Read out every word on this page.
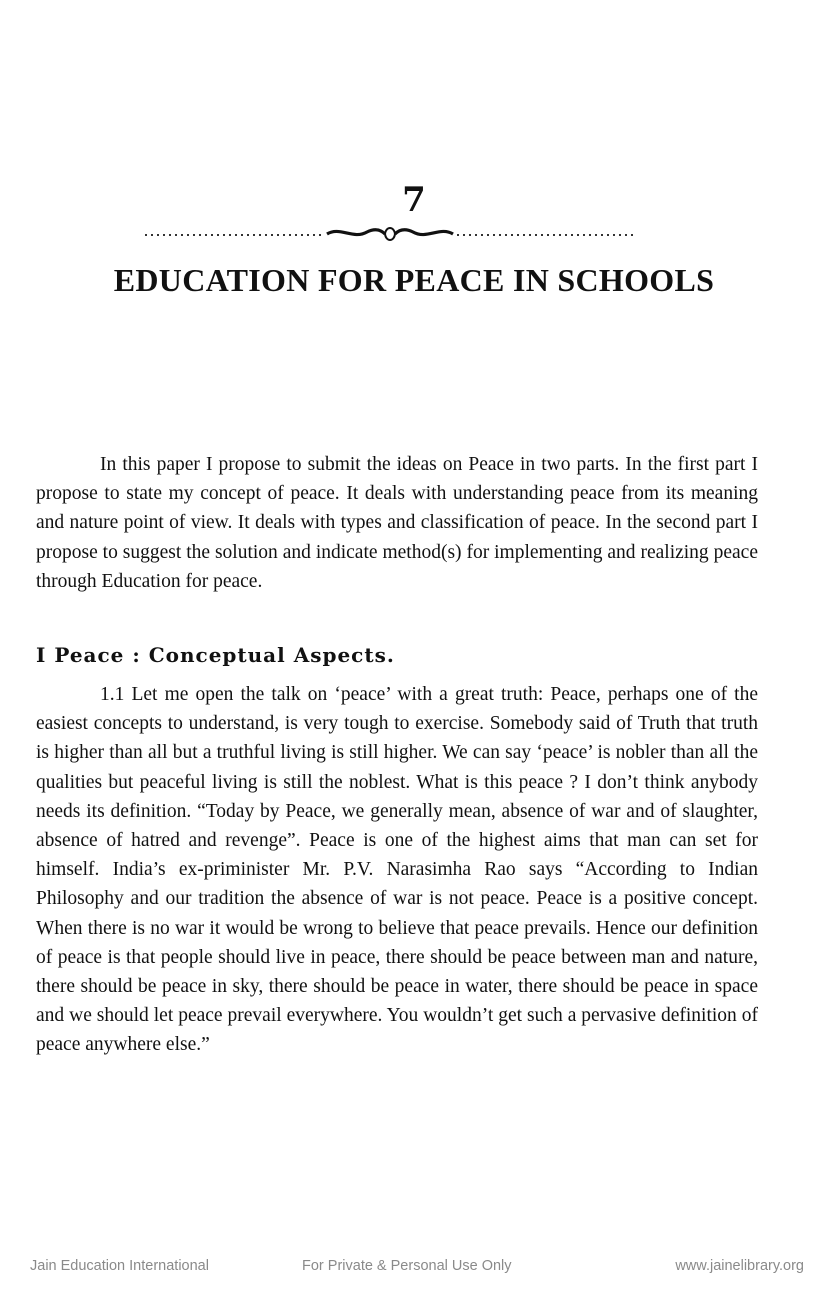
7
EDUCATION FOR PEACE IN SCHOOLS

In this paper I propose to submit the ideas on Peace in two parts. In the first part I propose to state my concept of peace. It deals with understanding peace from its meaning and nature point of view. It deals with types and classification of peace. In the second part I propose to suggest the solution and indicate method(s) for implementing and realizing peace through Education for peace.

I Peace : Conceptual Aspects.

1.1 Let me open the talk on ‘peace’ with a great truth: Peace, perhaps one of the easiest concepts to understand, is very tough to exercise. Somebody said of Truth that truth is higher than all but a truthful living is still higher. We can say ‘peace’ is nobler than all the qualities but peaceful living is still the noblest. What is this peace ? I don’t think anybody needs its definition. “Today by Peace, we generally mean, absence of war and of slaughter, absence of hatred and revenge”. Peace is one of the highest aims that man can set for himself. India’s ex-priminister Mr. P.V. Narasimha Rao says “According to Indian Philosophy and our tradition the absence of war is not peace. Peace is a positive concept. When there is no war it would be wrong to believe that peace prevails. Hence our definition of peace is that people should live in peace, there should be peace between man and nature, there should be peace in sky, there should be peace in water, there should be peace in space and we should let peace prevail everywhere. You wouldn’t get such a pervasive definition of peace anywhere else.”

Jain Education International	For Private & Personal Use Only	www.jainelibrary.org
